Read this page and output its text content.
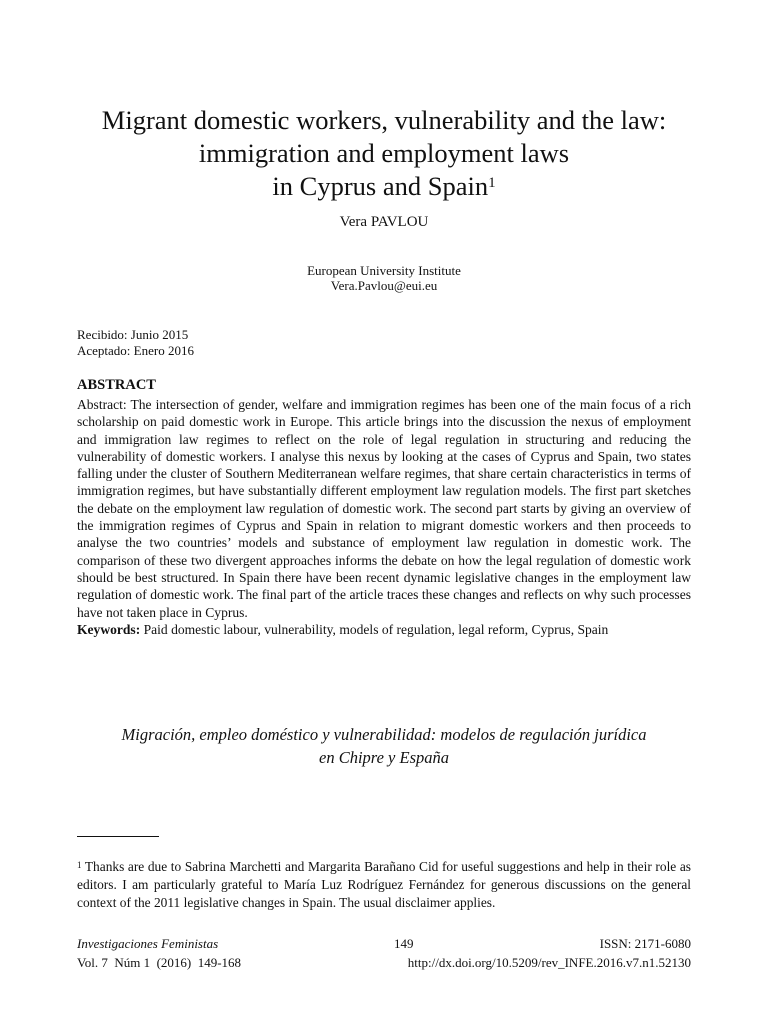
Migrant domestic workers, vulnerability and the law:
immigration and employment laws
in Cyprus and Spain$^1$
Vera PAVLOU
European University Institute
Vera.Pavlou@eui.eu
Recibido: Junio 2015
Aceptado: Enero 2016
ABSTRACT
Abstract: The intersection of gender, welfare and immigration regimes has been one of the main focus of a rich scholarship on paid domestic work in Europe. This article brings into the discussion the nexus of employment and immigration law regimes to reflect on the role of legal regulation in structuring and reducing the vulnerability of domestic workers. I analyse this nexus by looking at the cases of Cyprus and Spain, two states falling under the cluster of Southern Mediterranean welfare regimes, that share certain characteristics in terms of immigration regimes, but have substantially different employment law regulation models. The first part sketches the debate on the employment law regulation of domestic work. The second part starts by giving an overview of the immigration regimes of Cyprus and Spain in relation to migrant domestic workers and then proceeds to analyse the two countries’ models and substance of employment law regulation in domestic work. The comparison of these two divergent approaches informs the debate on how the legal regulation of domestic work should be best structured. In Spain there have been recent dynamic legislative changes in the employment law regulation of domestic work. The final part of the article traces these changes and reflects on why such processes have not taken place in Cyprus.
Keywords: Paid domestic labour, vulnerability, models of regulation, legal reform, Cyprus, Spain
Migración, empleo doméstico y vulnerabilidad: modelos de regulación jurídica
en Chipre y España
$^1$ Thanks are due to Sabrina Marchetti and Margarita Barañano Cid for useful suggestions and help in their role as editors. I am particularly grateful to María Luz Rodríguez Fernández for generous discussions on the general context of the 2011 legislative changes in Spain. The usual disclaimer applies.
Investigaciones Feministas	149	ISSN: 2171-6080
Vol. 7  Núm 1  (2016)  149-168	http://dx.doi.org/10.5209/rev_INFE.2016.v7.n1.52130
